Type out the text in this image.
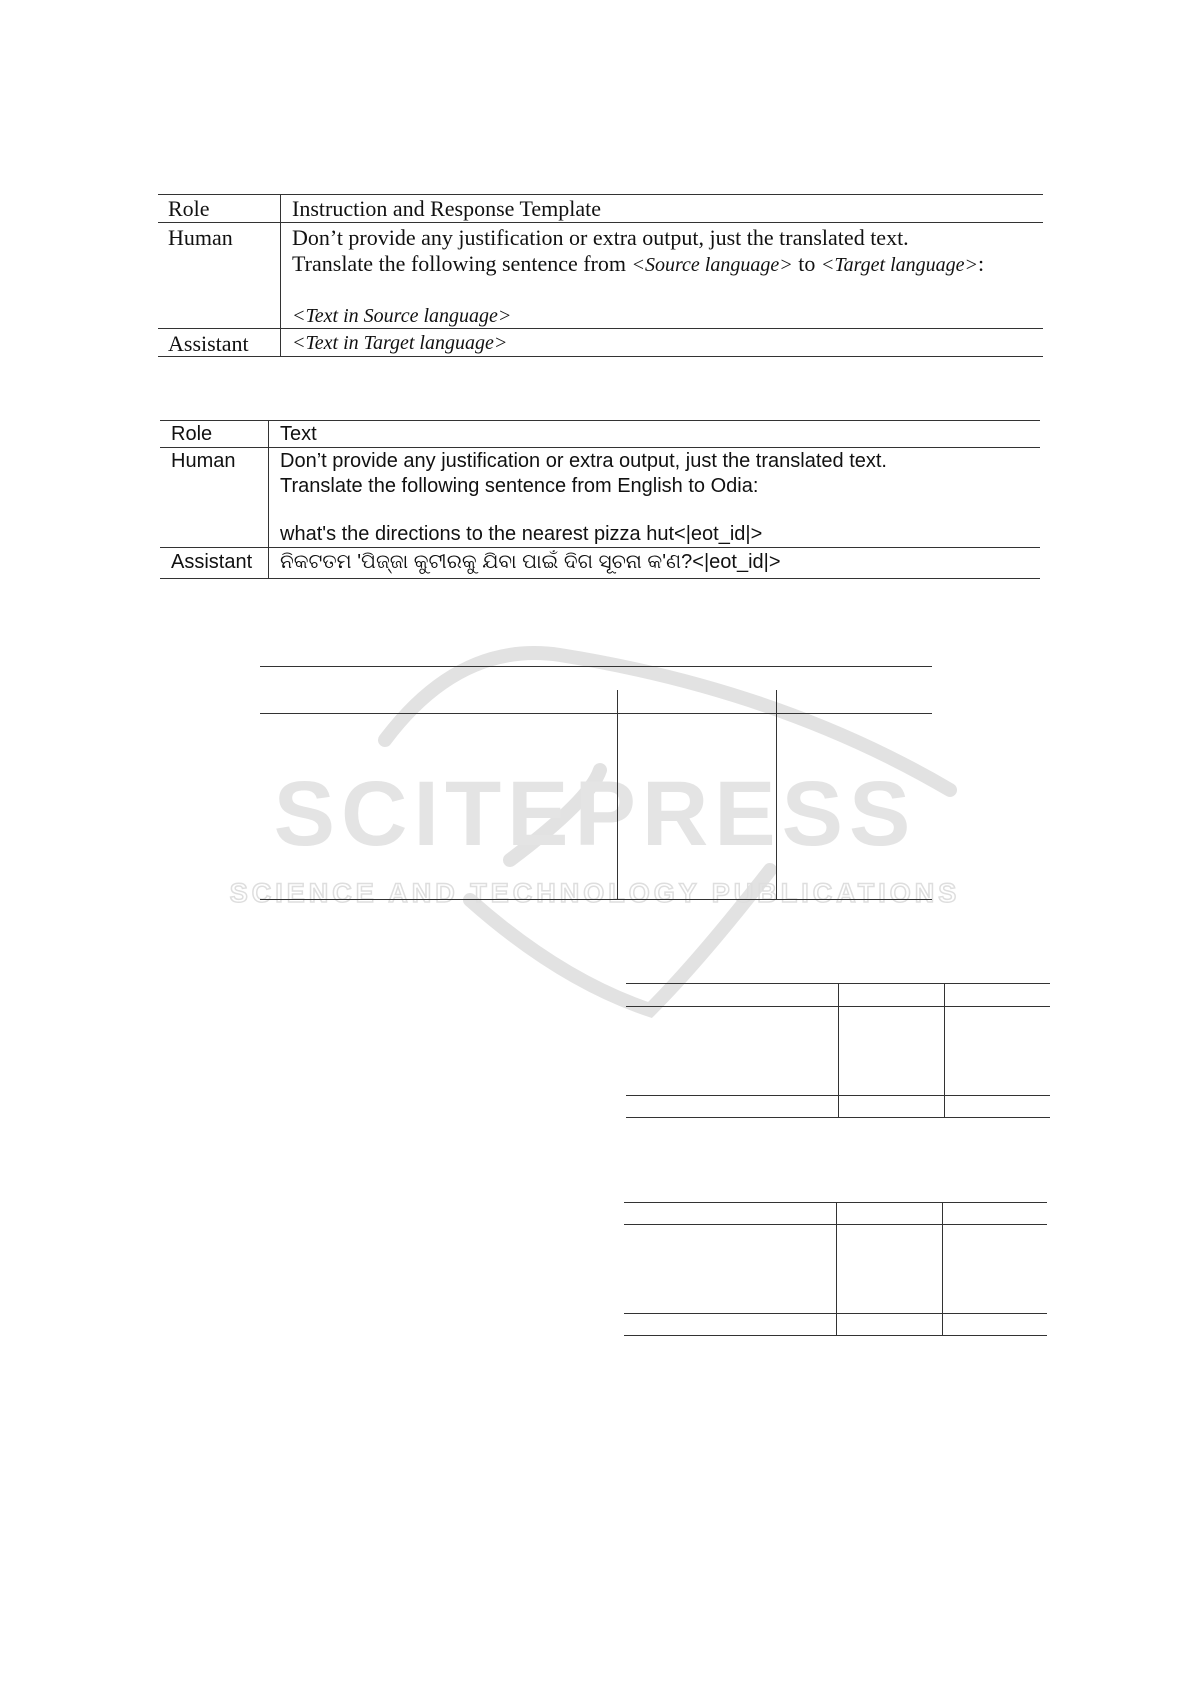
SCITEPRESS
SCIENCE AND TECHNOLOGY PUBLICATIONS
Role	Instruction and Response Template
Human	Don’t provide any justification or extra output, just the translated text.
Translate the following sentence from <Source language> to <Target language>:
<Text in Source language>
Assistant <Text in Target language>
Role	Text
Human Don’t provide any justification or extra output, just the translated text.
Translate the following sentence from English to Odia:
what's the directions to the nearest pizza hut<|eot_id|>
Assistant ନିକଟତମ 'ପିଜ୍ଜା କୁଟୀରକୁ ଯିବା ପାଇଁ ଦିଗ ସୂଚନା କ'ଣ?<|eot_id|>
